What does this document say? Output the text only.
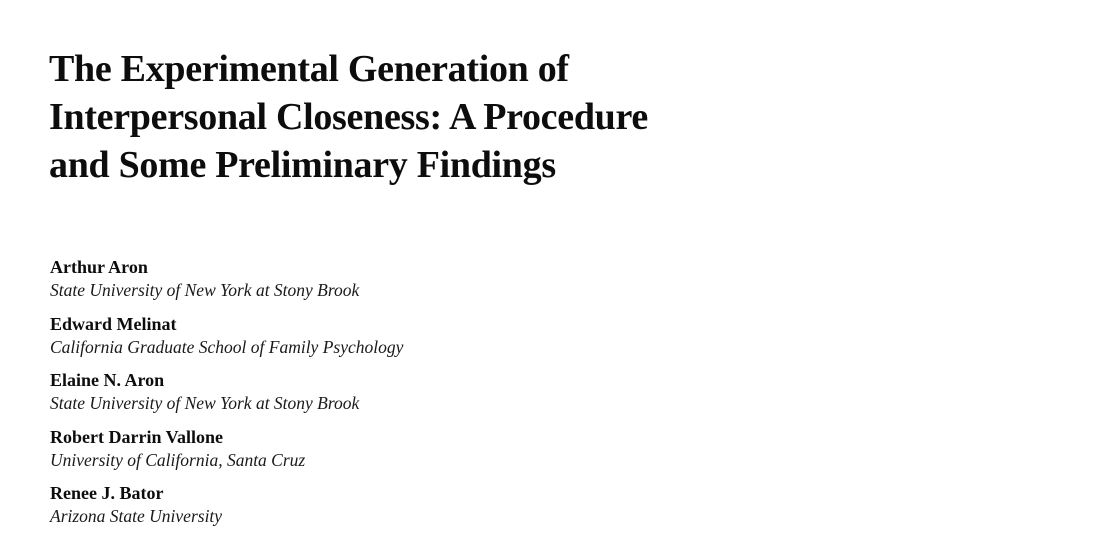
The Experimental Generation of
Interpersonal Closeness: A Procedure
and Some Preliminary Findings
Arthur Aron
State University of New York at Stony Brook
Edward Melinat
California Graduate School of Family Psychology
Elaine N. Aron
State University of New York at Stony Brook
Robert Darrin Vallone
University of California, Santa Cruz
Renee J. Bator
Arizona State University
